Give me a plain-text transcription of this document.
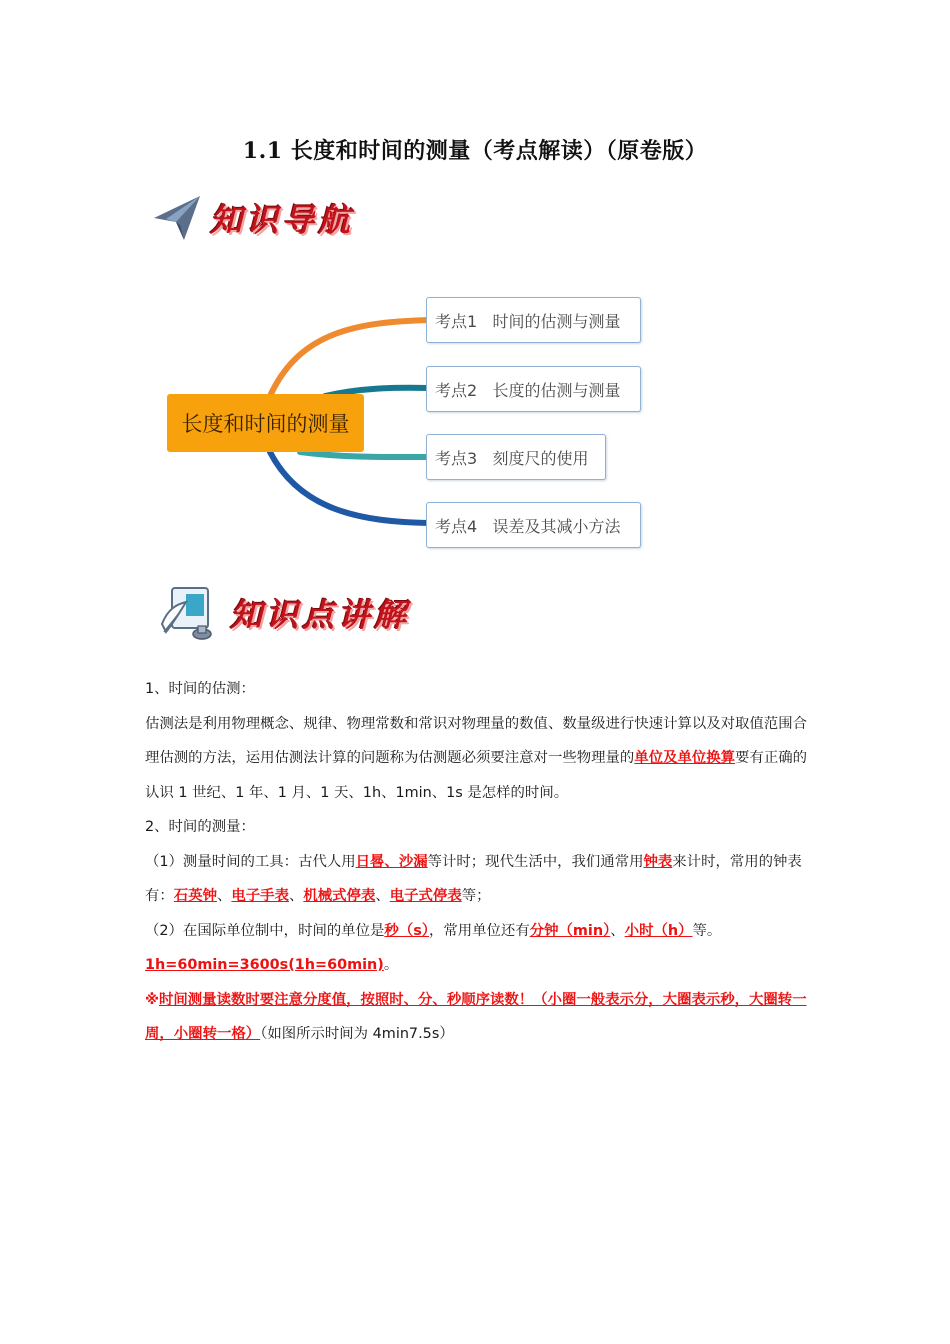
1.1 长度和时间的测量（考点解读）（原卷版）
知识导航
长度和时间的测量
考点1   时间的估测与测量
考点2   长度的估测与测量
考点3   刻度尺的使用
考点4   误差及其减小方法
知识点讲解

1、时间的估测：

估测法是利用物理概念、规律、物理常数和常识对物理量的数值、数量级进行快速计算以及对取值范围合理估测的方法，运用估测法计算的问题称为估测题必须要注意对一些物理量的单位及单位换算要有正确的认识 1 世纪、1 年、1 月、1 天、1h、1min、1s 是怎样的时间。

2、时间的测量：

（1）测量时间的工具：古代人用日晷、沙漏等计时；现代生活中，我们通常用钟表来计时，常用的钟表有：石英钟、电子手表、机械式停表、电子式停表等；

（2）在国际单位制中，时间的单位是秒（s），常用单位还有分钟（min）、小时（h）等。

1h=60min=3600s(1h=60min)。

※时间测量读数时要注意分度值，按照时、分、秒顺序读数！（小圈一般表示分，大圈表示秒，大圈转一周，小圈转一格）（如图所示时间为 4min7.5s）
